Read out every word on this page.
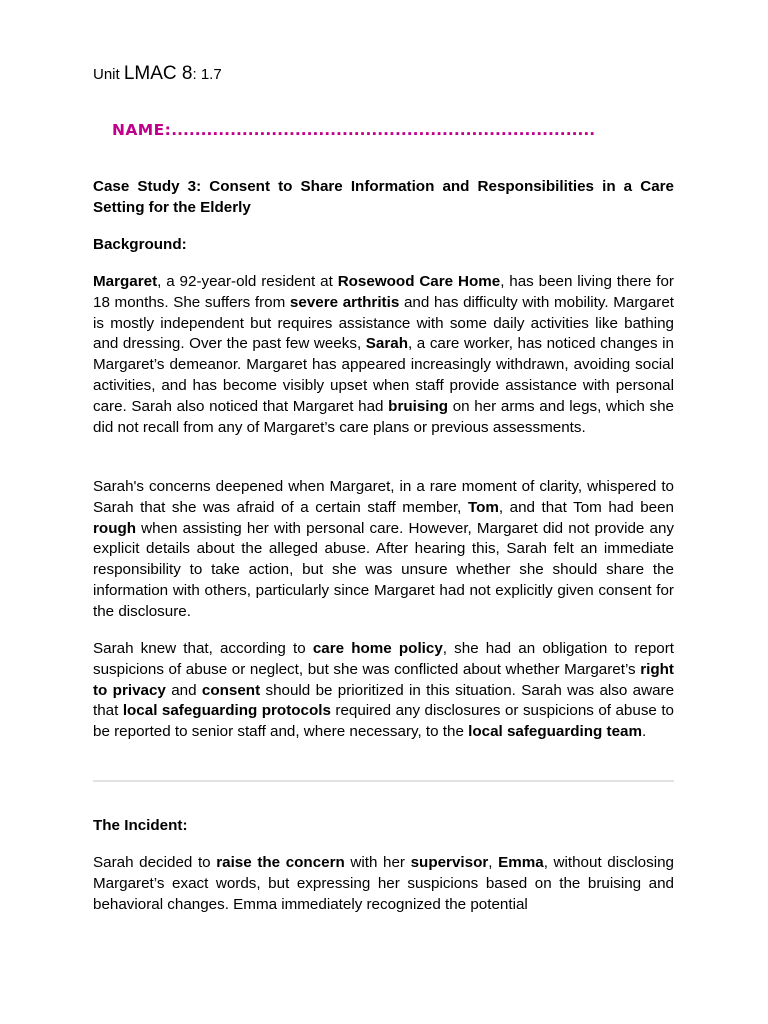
Unit LMAC 8: 1.7

NAME:........................................................................

Case Study 3: Consent to Share Information and Responsibilities in a Care Setting for the Elderly

Background:

Margaret, a 92-year-old resident at Rosewood Care Home, has been living there for 18 months. She suffers from severe arthritis and has difficulty with mobility. Margaret is mostly independent but requires assistance with some daily activities like bathing and dressing. Over the past few weeks, Sarah, a care worker, has noticed changes in Margaret’s demeanor. Margaret has appeared increasingly withdrawn, avoiding social activities, and has become visibly upset when staff provide assistance with personal care. Sarah also noticed that Margaret had bruising on her arms and legs, which she did not recall from any of Margaret’s care plans or previous assessments.

Sarah's concerns deepened when Margaret, in a rare moment of clarity, whispered to Sarah that she was afraid of a certain staff member, Tom, and that Tom had been rough when assisting her with personal care. However, Margaret did not provide any explicit details about the alleged abuse. After hearing this, Sarah felt an immediate responsibility to take action, but she was unsure whether she should share the information with others, particularly since Margaret had not explicitly given consent for the disclosure.

Sarah knew that, according to care home policy, she had an obligation to report suspicions of abuse or neglect, but she was conflicted about whether Margaret’s right to privacy and consent should be prioritized in this situation. Sarah was also aware that local safeguarding protocols required any disclosures or suspicions of abuse to be reported to senior staff and, where necessary, to the local safeguarding team.

The Incident:

Sarah decided to raise the concern with her supervisor, Emma, without disclosing Margaret’s exact words, but expressing her suspicions based on the bruising and behavioral changes. Emma immediately recognized the potential
